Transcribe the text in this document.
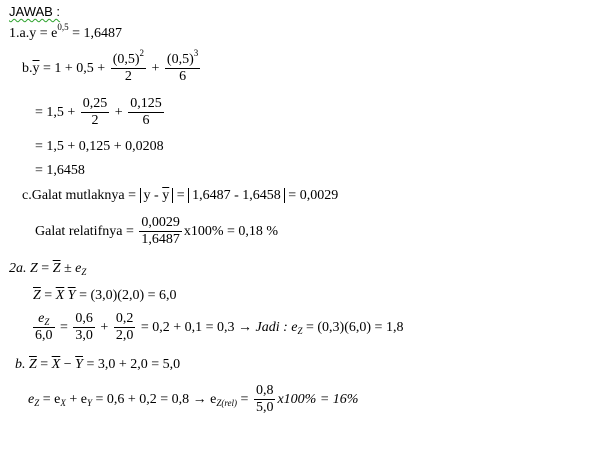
JAWAB :
$1.a.y = e^{0,5} = 1,6487$
$b.\overline{y} = 1 + 0,5 + \frac{(0,5)^2}{2} + \frac{(0,5)^3}{6}$
= $1,5 + \frac{0,25}{2} + \frac{0,125}{6}$
= 1,5 + 0,125 + 0,0208
= 1,6458
c.Galat mutlaknya = $y - \overline{y} = 1,6487 - 1,6458 = 0,0029$
Galat relatifnya = $\frac{0,0029}{1,6487} x100\% = 0,18$ %
2a. $Z = \overline{Z} \pm e_Z$
$\overline{Z} = \overline{X}$ $\overline{Y} = (3,0)(2,0) = 6,0$
$\frac{e_Z}{6,0} = \frac{0,6}{3,0} + \frac{0,2}{2,0} = 0,2 + 0,1 = 0,3$ → Jadi : $e_Z = (0,3)(6,0) = 1,8$
b. $\overline{Z} = \overline{X} - \overline{Y} = 3,0 + 2,0 = 5,0$
$e_Z = e_X + e_Y = 0,6 + 0,2 = 0,8 \to e_{Z(rel)} = \frac{0,8}{5,0} x100\% = 16\%$
